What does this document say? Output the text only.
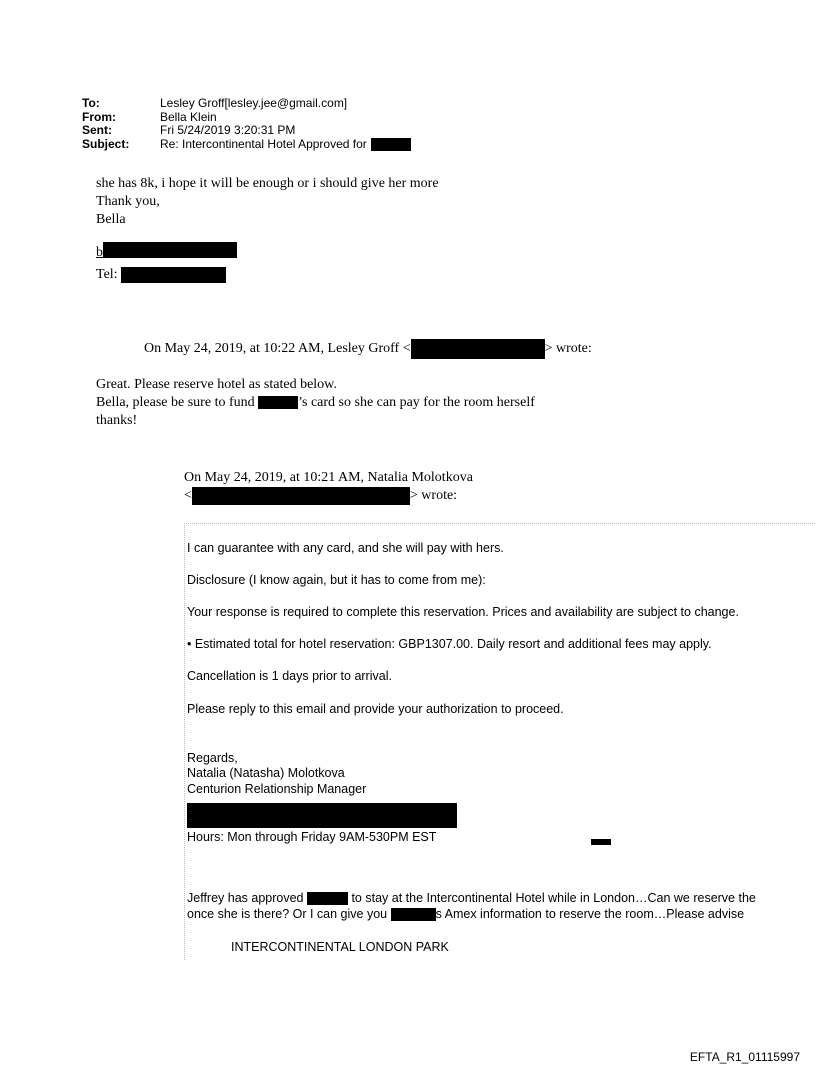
To:	Lesley Groff[lesley.jee@gmail.com]
From:	Bella Klein
Sent:	Fri 5/24/2019 3:20:31 PM
Subject:	Re: Intercontinental Hotel Approved for
she has 8k, i hope it will be enough or i should give her more
Thank you,
Bella
b
Tel:
On May 24, 2019, at 10:22 AM, Lesley Groff <	> wrote:
Great. Please reserve hotel as stated below.
Bella, please be sure to fund	’s card so she can pay for the room herself
thanks!
On May 24, 2019, at 10:21 AM, Natalia Molotkova
<	> wrote:
I can guarantee with any card, and she will pay with hers.
Disclosure (I know again, but it has to come from me):
Your response is required to complete this reservation. Prices and availability are subject to change.
• Estimated total for hotel reservation: GBP1307.00. Daily resort and additional fees may apply.
Cancellation is 1 days prior to arrival.
Please reply to this email and provide your authorization to proceed.
Regards,
Natalia (Natasha) Molotkova
Centurion Relationship Manager
Hours: Mon through Friday 9AM-530PM EST
Jeffrey has approved	to stay at the Intercontinental Hotel while in London…Can we reserve the
once she is there? Or I can give you	s Amex information to reserve the room…Please advise
INTERCONTINENTAL LONDON PARK
EFTA_R1_01115997
